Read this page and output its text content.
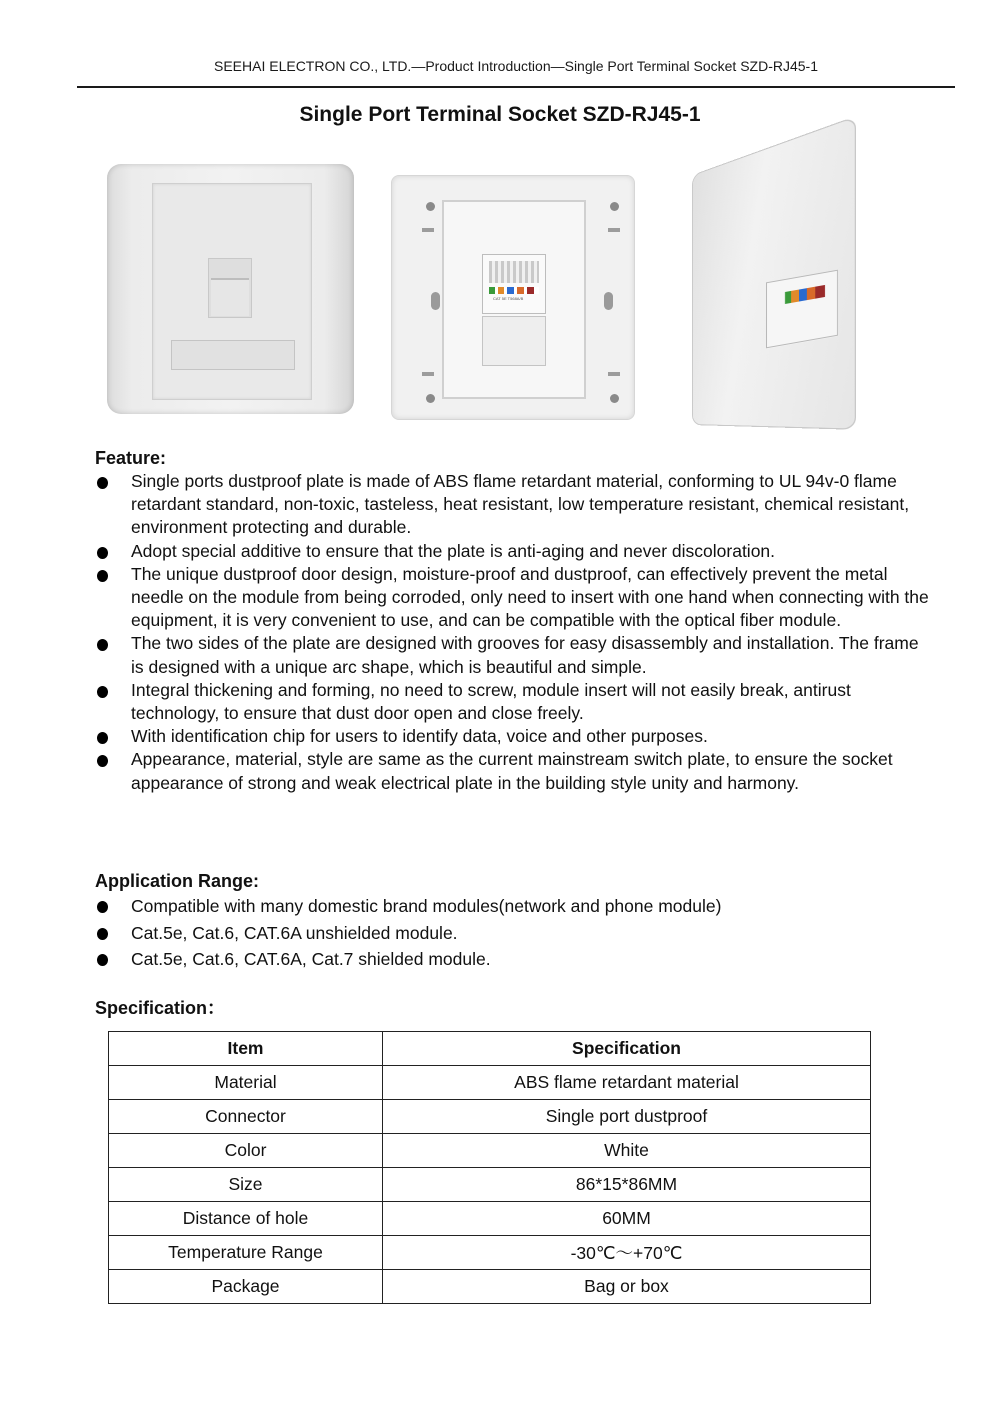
SEEHAI ELECTRON CO., LTD.—Product Introduction—Single Port Terminal Socket SZD-RJ45-1
Single Port Terminal Socket SZD-RJ45-1
CAT 5E T568A/B
Feature:
Single ports dustproof plate is made of ABS flame retardant material, conforming to UL 94v-0 flame retardant standard, non-toxic, tasteless, heat resistant, low temperature resistant, chemical resistant, environment protecting and durable.
Adopt special additive to ensure that the plate is anti-aging and never discoloration.
The unique dustproof door design, moisture-proof and dustproof, can effectively prevent the metal needle on the module from being corroded, only need to insert with one hand when connecting with the equipment, it is very convenient to use, and can be compatible with the optical fiber module.
The two sides of the plate are designed with grooves for easy disassembly and installation. The frame is designed with a unique arc shape, which is beautiful and simple.
Integral thickening and forming, no need to screw, module insert will not easily break, antirust technology, to ensure that dust door open and close freely.
With identification chip for users to identify data, voice and other purposes.
Appearance, material, style are same as the current mainstream switch plate, to ensure the socket appearance of strong and weak electrical plate in the building style unity and harmony.
Application Range:
Compatible with many domestic brand modules(network and phone module)
Cat.5e, Cat.6, CAT.6A unshielded module.
Cat.5e, Cat.6, CAT.6A, Cat.7 shielded module.
Specification：
Item	Specification
Material	ABS flame retardant material
Connector	Single port dustproof
Color	White
Size	86*15*86MM
Distance of hole	60MM
Temperature Range	-30℃～+70℃
Package	Bag or box
